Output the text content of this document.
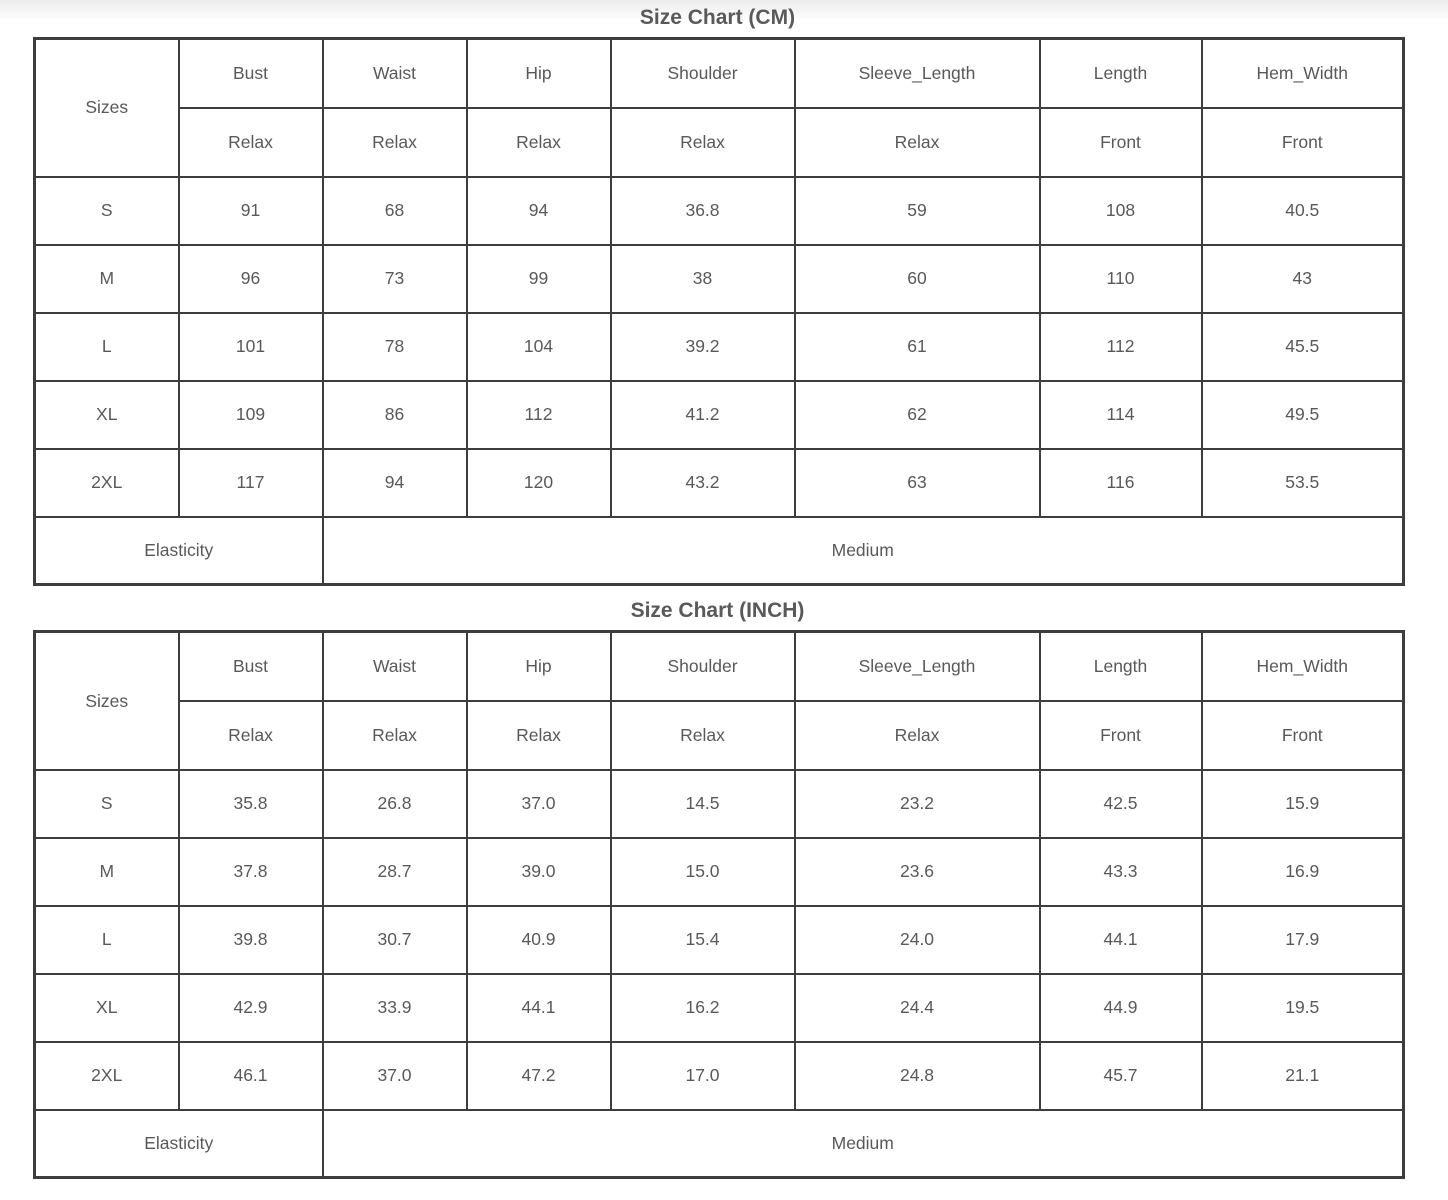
Size Chart (CM)
Sizes	Bust	Waist	Hip	Shoulder	Sleeve_Length	Length	Hem_Width
	Relax	Relax	Relax	Relax	Relax	Front	Front
S	91	68	94	36.8	59	108	40.5
M	96	73	99	38	60	110	43
L	101	78	104	39.2	61	112	45.5
XL	109	86	112	41.2	62	114	49.5
2XL	117	94	120	43.2	63	116	53.5
Elasticity		Medium					
Size Chart (INCH)
Sizes	Bust	Waist	Hip	Shoulder	Sleeve_Length	Length	Hem_Width
	Relax	Relax	Relax	Relax	Relax	Front	Front
S	35.8	26.8	37.0	14.5	23.2	42.5	15.9
M	37.8	28.7	39.0	15.0	23.6	43.3	16.9
L	39.8	30.7	40.9	15.4	24.0	44.1	17.9
XL	42.9	33.9	44.1	16.2	24.4	44.9	19.5
2XL	46.1	37.0	47.2	17.0	24.8	45.7	21.1
Elasticity		Medium					
